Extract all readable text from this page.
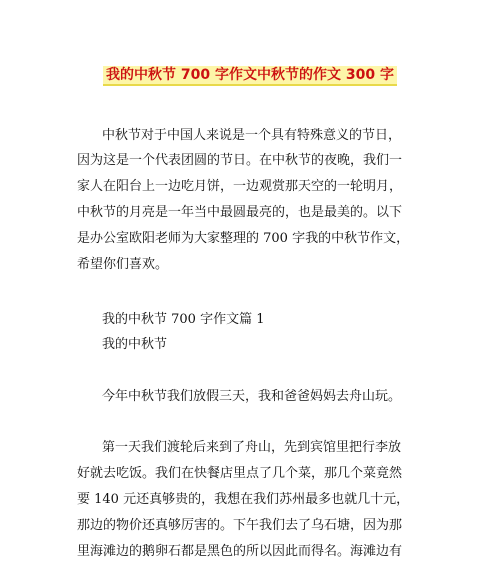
我的中秋节 700 字作文中秋节的作文 300 字
中秋节对于中国人来说是一个具有特殊意义的节日，
因为这是一个代表团圆的节日。在中秋节的夜晚，我们一
家人在阳台上一边吃月饼，一边观赏那天空的一轮明月，
中秋节的月亮是一年当中最圆最亮的，也是最美的。以下
是办公室欧阳老师为大家整理的 700 字我的中秋节作文，
希望你们喜欢。
我的中秋节 700 字作文篇 1
我的中秋节
今年中秋节我们放假三天，我和爸爸妈妈去舟山玩。
第一天我们渡轮后来到了舟山，先到宾馆里把行李放
好就去吃饭。我们在快餐店里点了几个菜，那几个菜竟然
要 140 元还真够贵的，我想在我们苏州最多也就几十元，
那边的物价还真够厉害的。下午我们去了乌石塘，因为那
里海滩边的鹅卵石都是黑色的所以因此而得名。海滩边有
